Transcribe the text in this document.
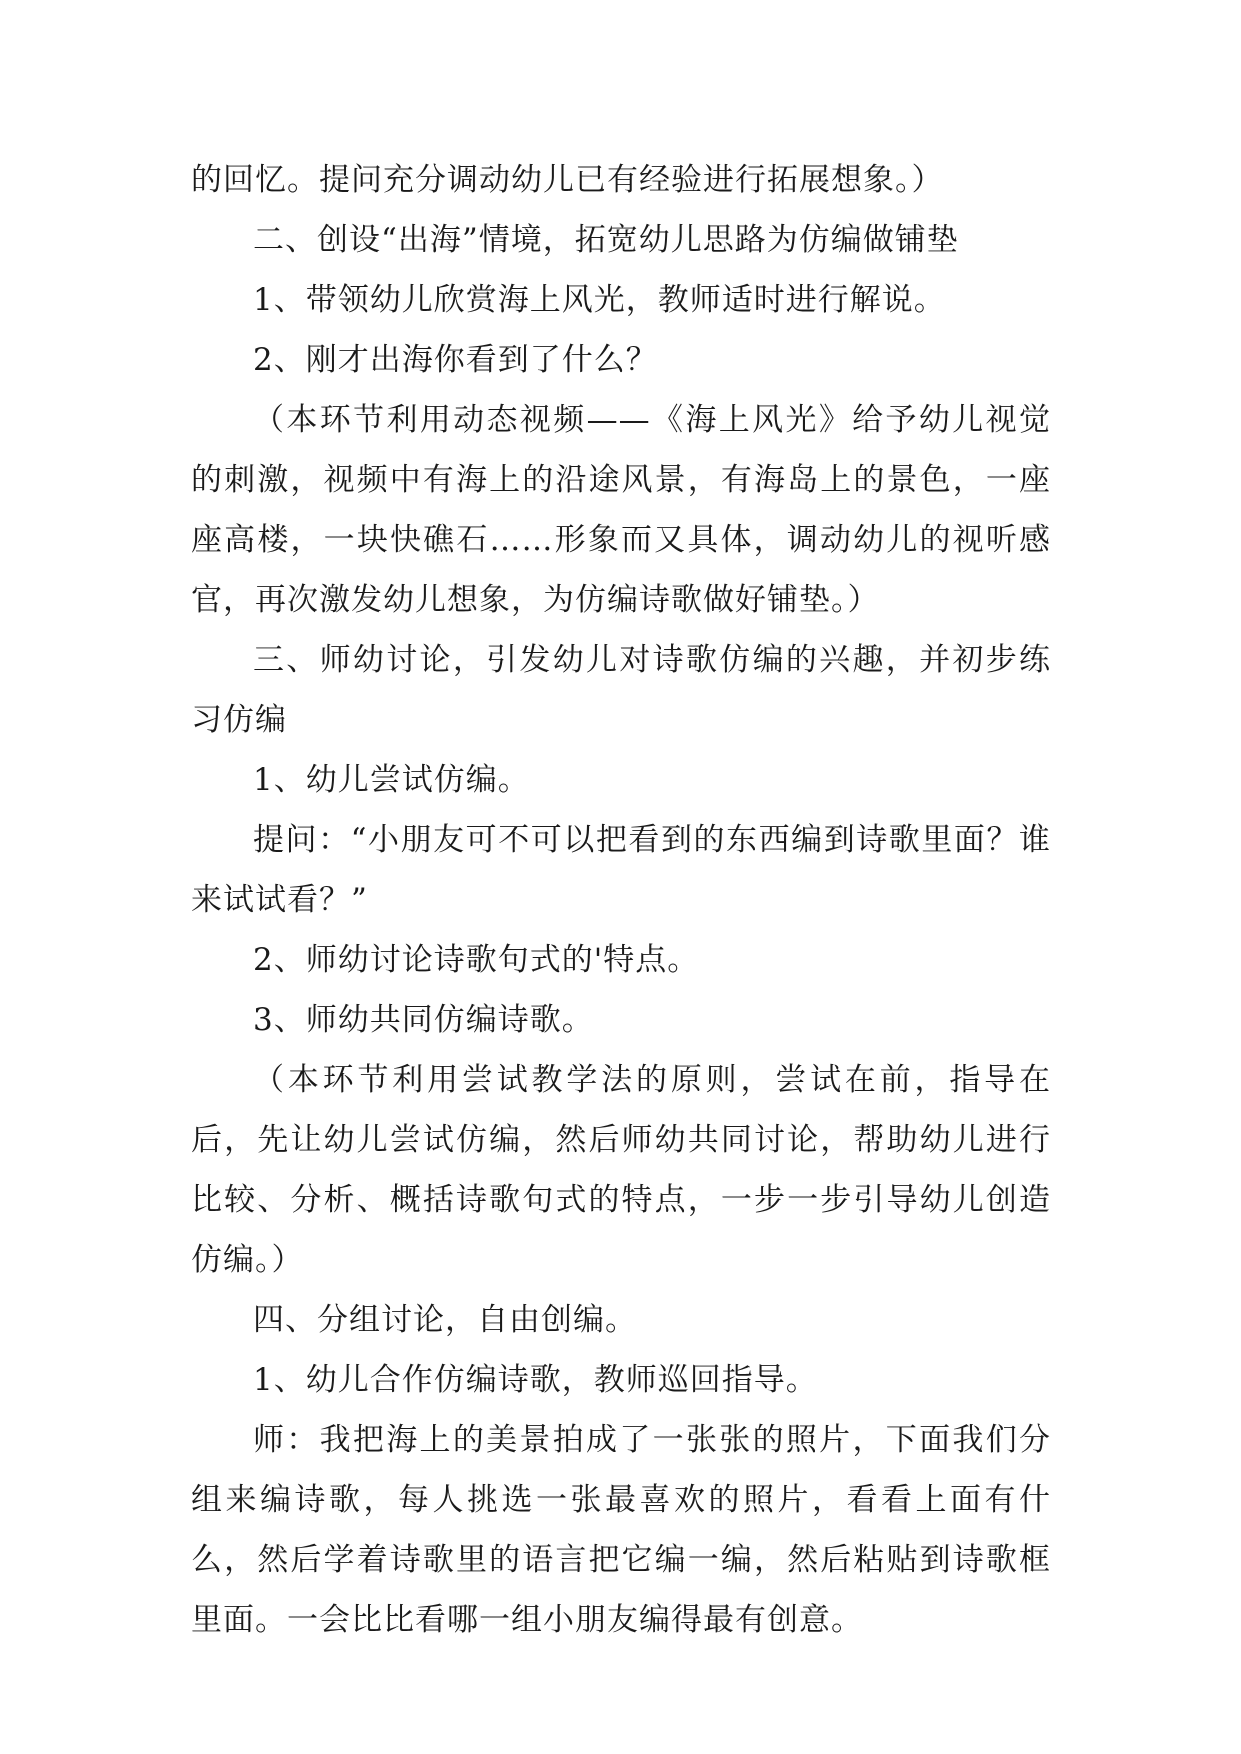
的回忆。提问充分调动幼儿已有经验进行拓展想象。）

二、创设“出海”情境，拓宽幼儿思路为仿编做铺垫

1、带领幼儿欣赏海上风光，教师适时进行解说。

2、刚才出海你看到了什么？

（本环节利用动态视频——《海上风光》给予幼儿视觉的刺激，视频中有海上的沿途风景，有海岛上的景色，一座座高楼，一块快礁石……形象而又具体，调动幼儿的视听感官，再次激发幼儿想象，为仿编诗歌做好铺垫。）

三、师幼讨论，引发幼儿对诗歌仿编的兴趣，并初步练习仿编

1、幼儿尝试仿编。

提问：“小朋友可不可以把看到的东西编到诗歌里面？谁来试试看？”

2、师幼讨论诗歌句式的'特点。

3、师幼共同仿编诗歌。

（本环节利用尝试教学法的原则，尝试在前，指导在后，先让幼儿尝试仿编，然后师幼共同讨论，帮助幼儿进行比较、分析、概括诗歌句式的特点，一步一步引导幼儿创造仿编。）

四、分组讨论，自由创编。

1、幼儿合作仿编诗歌，教师巡回指导。

师：我把海上的美景拍成了一张张的照片，下面我们分组来编诗歌，每人挑选一张最喜欢的照片，看看上面有什么，然后学着诗歌里的语言把它编一编，然后粘贴到诗歌框里面。一会比比看哪一组小朋友编得最有创意。
